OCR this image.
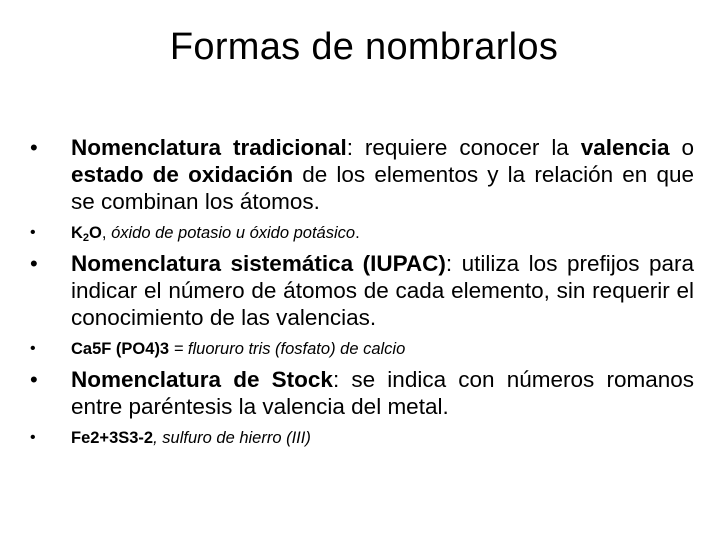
Formas de nombrarlos
• Nomenclatura tradicional: requiere conocer la valencia o estado de oxidación de los elementos y la relación en que se combinan los átomos.
• $K_2O$, óxido de potasio u óxido potásico.
• Nomenclatura sistemática (IUPAC): utiliza los prefijos para indicar el número de átomos de cada elemento, sin requerir el conocimiento de las valencias.
• Ca5F (PO4)3 = fluoruro tris (fosfato) de calcio
• Nomenclatura de Stock: se indica con números romanos entre paréntesis la valencia del metal.
• Fe2+3S3-2, sulfuro de hierro (III)
